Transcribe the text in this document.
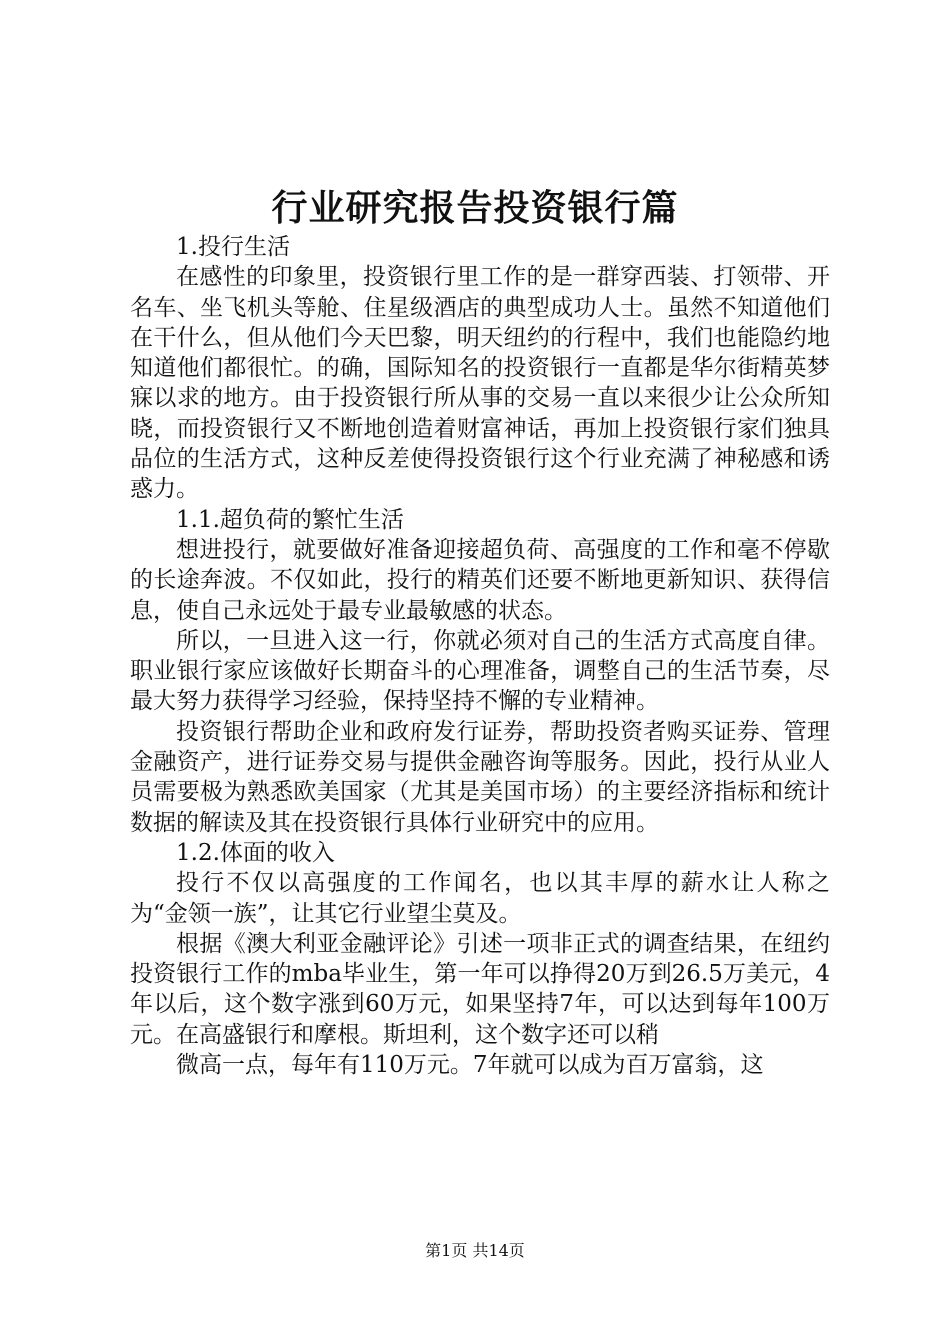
行业研究报告投资银行篇

1.投行生活

在感性的印象里，投资银行里工作的是一群穿西装、打领带、开名车、坐飞机头等舱、住星级酒店的典型成功人士。虽然不知道他们在干什么，但从他们今天巴黎，明天纽约的行程中，我们也能隐约地知道他们都很忙。的确，国际知名的投资银行一直都是华尔街精英梦寐以求的地方。由于投资银行所从事的交易一直以来很少让公众所知晓，而投资银行又不断地创造着财富神话，再加上投资银行家们独具品位的生活方式，这种反差使得投资银行这个行业充满了神秘感和诱惑力。

1.1.超负荷的繁忙生活

想进投行，就要做好准备迎接超负荷、高强度的工作和毫不停歇的长途奔波。不仅如此，投行的精英们还要不断地更新知识、获得信息，使自己永远处于最专业最敏感的状态。

所以，一旦进入这一行，你就必须对自己的生活方式高度自律。职业银行家应该做好长期奋斗的心理准备，调整自己的生活节奏，尽最大努力获得学习经验，保持坚持不懈的专业精神。

投资银行帮助企业和政府发行证券，帮助投资者购买证券、管理金融资产，进行证券交易与提供金融咨询等服务。因此，投行从业人员需要极为熟悉欧美国家（尤其是美国市场）的主要经济指标和统计数据的解读及其在投资银行具体行业研究中的应用。

1.2.体面的收入

投行不仅以高强度的工作闻名，也以其丰厚的薪水让人称之为“金领一族”，让其它行业望尘莫及。

根据《澳大利亚金融评论》引述一项非正式的调查结果，在纽约投资银行工作的mba毕业生，第一年可以挣得20万到26.5万美元，4年以后，这个数字涨到60万元，如果坚持7年，可以达到每年100万元。在高盛银行和摩根。斯坦利，这个数字还可以稍

微高一点，每年有110万元。7年就可以成为百万富翁，这

第1页 共14页
